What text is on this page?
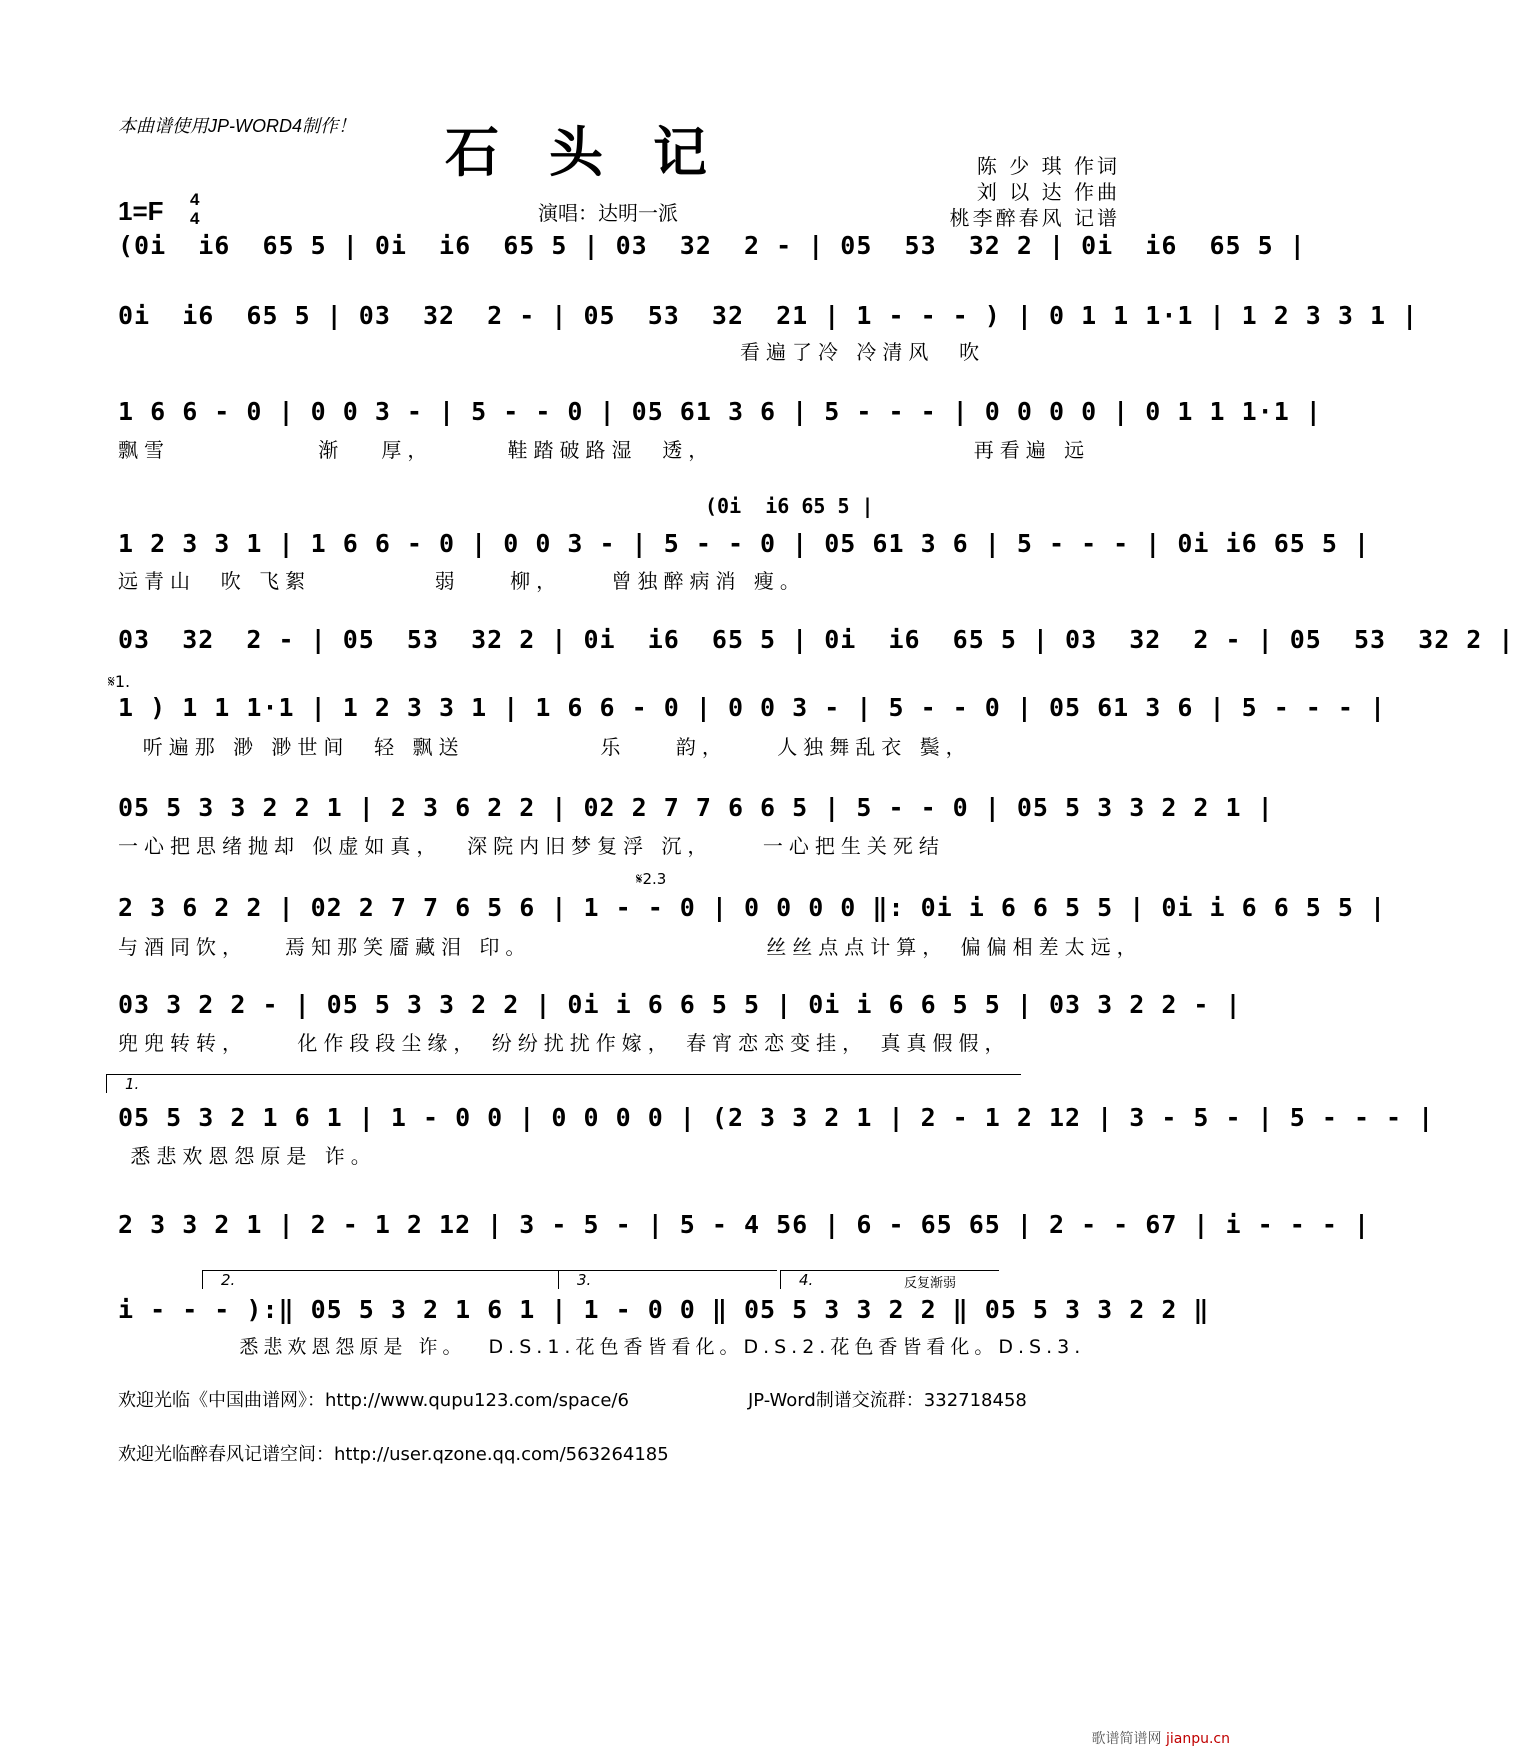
本曲谱使用JP-WORD4制作！ 石头记	陈 少 琪 作词
刘 以 达 作曲
桃李醉春风 记谱
1=F 4
4	演唱：达明一派
(0i  i6  65 5 | 0i  i6  65 5 | 03  32  2 - | 05  53  32 2 | 0i  i6  65 5 |
0i  i6  65 5 | 03  32  2 - | 05  53  32  21 | 1 - - - ) | 0 1 1 1·1 | 1 2 3 3 1 |
看遍了冷 冷清风  吹
1 6 6 - 0 | 0 0 3 - | 5 - - 0 | 05 61 3 6 | 5 - - - | 0 0 0 0 | 0 1 1 1·1 |
飘雪            渐   厚，      鞋踏破路湿  透，                     再看遍 远
(0i  i6 65 5 |
1 2 3 3 1 | 1 6 6 - 0 | 0 0 3 - | 5 - - 0 | 05 61 3 6 | 5 - - - | 0i i6 65 5 |
远青山  吹 飞絮          弱    柳，    曾独醉病消 瘦。
03  32  2 - | 05  53  32 2 | 0i  i6  65 5 | 0i  i6  65 5 | 03  32  2 - | 05  53  32 2 |
𝄋1.
1 ) 1 1 1·1 | 1 2 3 3 1 | 1 6 6 - 0 | 0 0 3 - | 5 - - 0 | 05 61 3 6 | 5 - - - |
听遍那 渺 渺世间  轻 飘送           乐    韵，    人独舞乱衣 鬓，
05 5 3 3 2 2 1 | 2 3 6 2 2 | 02 2 7 7 6 6 5 | 5 - - 0 | 05 5 3 3 2 2 1 |
一心把思绪抛却 似虚如真，  深院内旧梦复浮 沉，    一心把生关死结
𝄋2.3
2 3 6 2 2 | 02 2 7 7 6 5 6 | 1 - - 0 | 0 0 0 0 ‖: 0i i 6 6 5 5 | 0i i 6 6 5 5 |
与酒同饮，   焉知那笑靥藏泪 印。                   丝丝点点计算， 偏偏相差太远，
03 3 2 2 - | 05 5 3 3 2 2 | 0i i 6 6 5 5 | 0i i 6 6 5 5 | 03 3 2 2 - |
兜兜转转，    化作段段尘缘， 纷纷扰扰作嫁， 春宵恋恋变挂， 真真假假，
1.
05 5 3 2 1 6 1 | 1 - 0 0 | 0 0 0 0 | (2 3 3 2 1 | 2 - 1 2 12 | 3 - 5 - | 5 - - - |
悉悲欢恩怨原是 诈。
2 3 3 2 1 | 2 - 1 2 12 | 3 - 5 - | 5 - 4 56 | 6 - 65 65 | 2 - - 67 | i - - - |
2.	3.	4.	反复渐弱
i - - - ):‖ 05 5 3 2 1 6 1 | 1 - 0 0 ‖ 05 5 3 3 2 2 ‖ 05 5 3 3 2 2 ‖
悉悲欢恩怨原是 诈。  D.S.1.花色香皆看化。D.S.2.花色香皆看化。D.S.3.
欢迎光临《中国曲谱网》：http://www.qupu123.com/space/6	JP-Word制谱交流群：332718458
欢迎光临醉春风记谱空间：http://user.qzone.qq.com/563264185
歌谱简谱网 jianpu.cn
